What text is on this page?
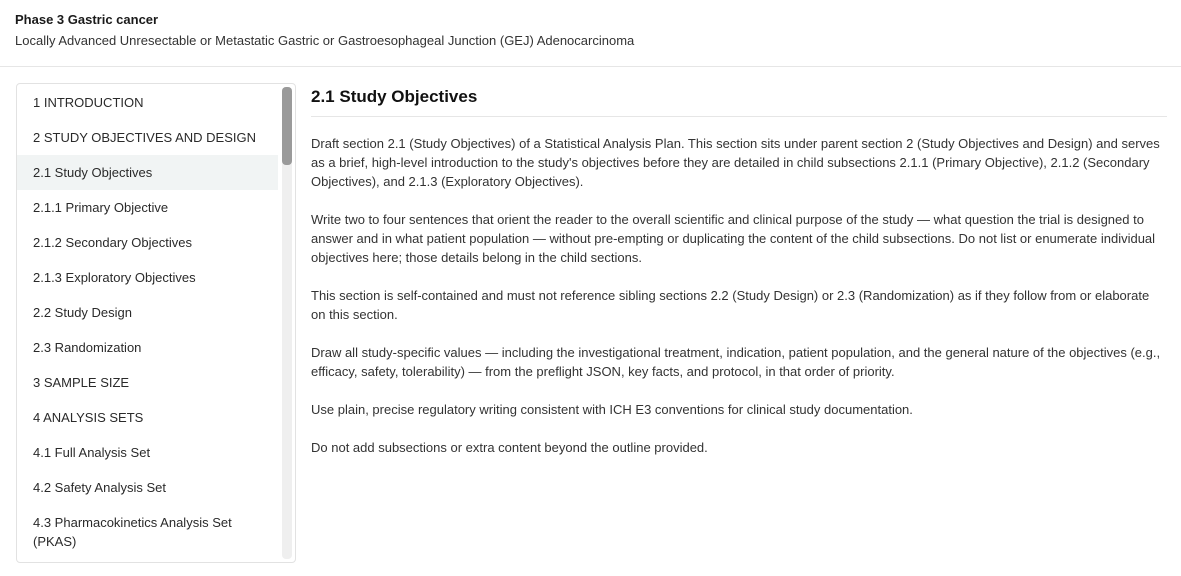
Phase 3 Gastric cancer
Locally Advanced Unresectable or Metastatic Gastric or Gastroesophageal Junction (GEJ) Adenocarcinoma
1 INTRODUCTION
2 STUDY OBJECTIVES AND DESIGN
2.1 Study Objectives
2.1.1 Primary Objective
2.1.2 Secondary Objectives
2.1.3 Exploratory Objectives
2.2 Study Design
2.3 Randomization
3 SAMPLE SIZE
4 ANALYSIS SETS
4.1 Full Analysis Set
4.2 Safety Analysis Set
4.3 Pharmacokinetics Analysis Set (PKAS)
2.1 Study Objectives

Draft section 2.1 (Study Objectives) of a Statistical Analysis Plan. This section sits under parent section 2 (Study Objectives and Design) and serves as a brief, high-level introduction to the study's objectives before they are detailed in child subsections 2.1.1 (Primary Objective), 2.1.2 (Secondary Objectives), and 2.1.3 (Exploratory Objectives).

Write two to four sentences that orient the reader to the overall scientific and clinical purpose of the study — what question the trial is designed to answer and in what patient population — without pre-empting or duplicating the content of the child subsections. Do not list or enumerate individual objectives here; those details belong in the child sections.

This section is self-contained and must not reference sibling sections 2.2 (Study Design) or 2.3 (Randomization) as if they follow from or elaborate on this section.

Draw all study-specific values — including the investigational treatment, indication, patient population, and the general nature of the objectives (e.g., efficacy, safety, tolerability) — from the preflight JSON, key facts, and protocol, in that order of priority.

Use plain, precise regulatory writing consistent with ICH E3 conventions for clinical study documentation.

Do not add subsections or extra content beyond the outline provided.
